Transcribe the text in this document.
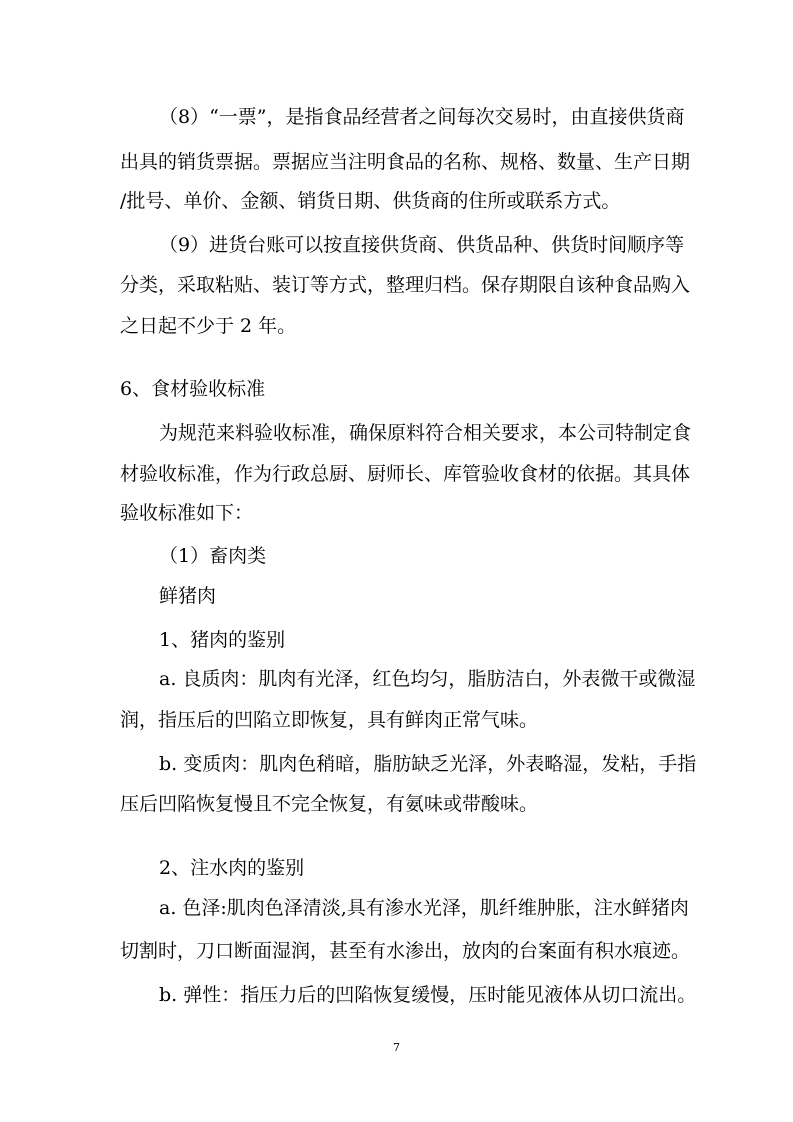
（8）“一票”，是指食品经营者之间每次交易时，由直接供货商
出具的销货票据。票据应当注明食品的名称、规格、数量、生产日期
/批号、单价、金额、销货日期、供货商的住所或联系方式。
（9）进货台账可以按直接供货商、供货品种、供货时间顺序等
分类，采取粘贴、装订等方式，整理归档。保存期限自该种食品购入
之日起不少于 2 年。
6、食材验收标准
为规范来料验收标准，确保原料符合相关要求，本公司特制定食
材验收标准，作为行政总厨、厨师长、库管验收食材的依据。其具体
验收标准如下：
（1）畜肉类
鲜猪肉
1、猪肉的鉴别
a. 良质肉：肌肉有光泽，红色均匀，脂肪洁白，外表微干或微湿
润，指压后的凹陷立即恢复，具有鲜肉正常气味。
b. 变质肉：肌肉色稍暗，脂肪缺乏光泽，外表略湿，发粘，手指
压后凹陷恢复慢且不完全恢复，有氨味或带酸味。
2、注水肉的鉴别
a. 色泽:肌肉色泽清淡,具有渗水光泽，肌纤维肿胀，注水鲜猪肉
切割时，刀口断面湿润，甚至有水渗出，放肉的台案面有积水痕迹。
b. 弹性：指压力后的凹陷恢复缓慢，压时能见液体从切口流出。
7
